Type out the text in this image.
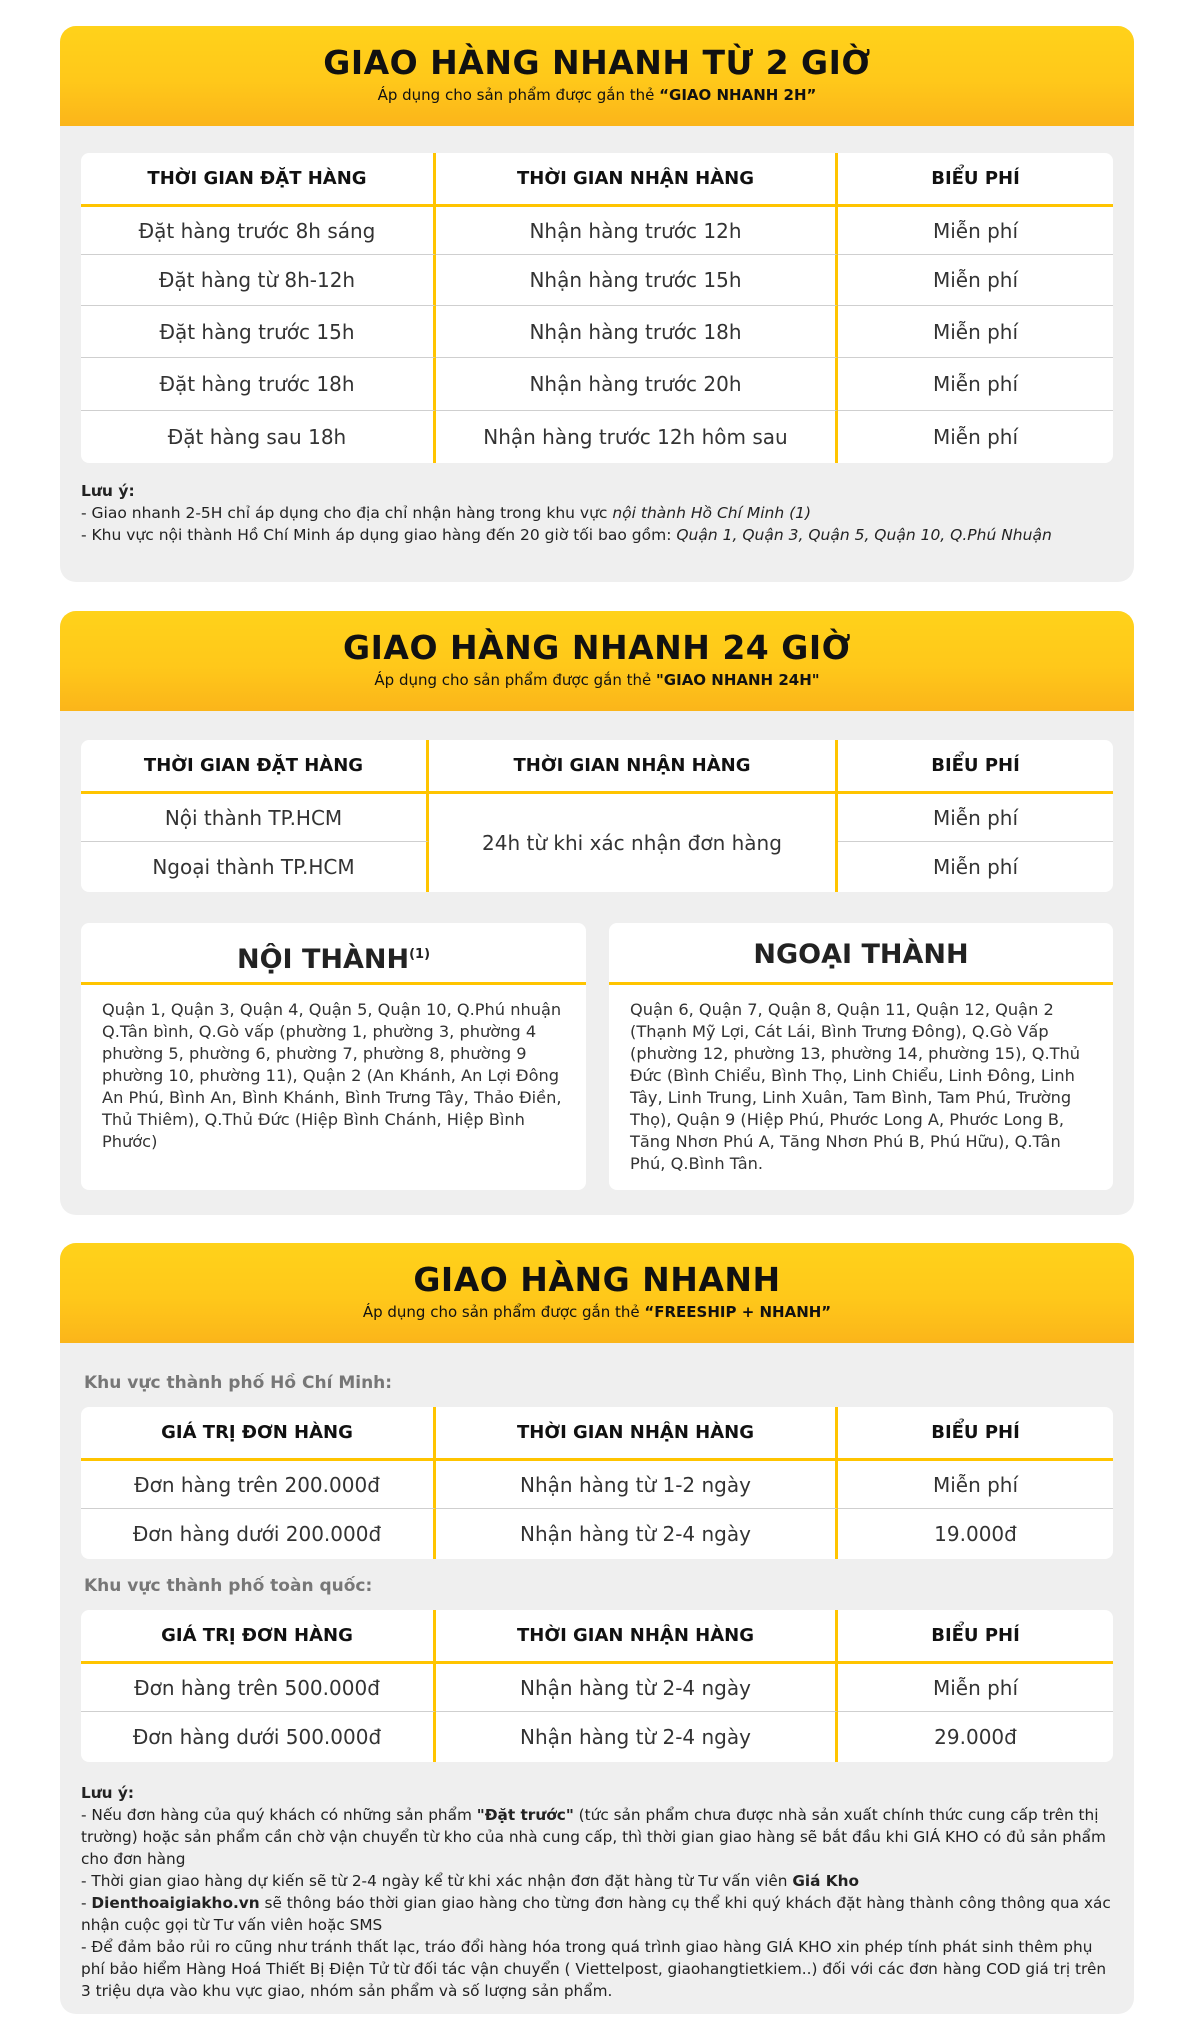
GIAO HÀNG NHANH TỪ 2 GIỜ
Áp dụng cho sản phẩm được gắn thẻ “GIAO NHANH 2H”
THỜI GIAN ĐẶT HÀNG	THỜI GIAN NHẬN HÀNG	BIỂU PHÍ
Đặt hàng trước 8h sáng	Nhận hàng trước 12h	Miễn phí
Đặt hàng từ 8h-12h	Nhận hàng trước 15h	Miễn phí
Đặt hàng trước 15h	Nhận hàng trước 18h	Miễn phí
Đặt hàng trước 18h	Nhận hàng trước 20h	Miễn phí
Đặt hàng sau 18h	Nhận hàng trước 12h hôm sau	Miễn phí
Lưu ý:
- Giao nhanh 2-5H chỉ áp dụng cho địa chỉ nhận hàng trong khu vực nội thành Hồ Chí Minh (1)
- Khu vực nội thành Hồ Chí Minh áp dụng giao hàng đến 20 giờ tối bao gồm: Quận 1, Quận 3, Quận 5, Quận 10, Q.Phú Nhuận
GIAO HÀNG NHANH 24 GIỜ
Áp dụng cho sản phẩm được gắn thẻ "GIAO NHANH 24H"
THỜI GIAN ĐẶT HÀNG	THỜI GIAN NHẬN HÀNG	BIỂU PHÍ
Nội thành TP.HCM	24h từ khi xác nhận đơn hàng	Miễn phí
Ngoại thành TP.HCM		Miễn phí
NỘI THÀNH$^{(1)}$
Quận 1, Quận 3, Quận 4, Quận 5, Quận 10, Q.Phú nhuận Q.Tân bình, Q.Gò vấp (phường 1, phường 3, phường 4 phường 5, phường 6, phường 7, phường 8, phường 9 phường 10, phường 11), Quận 2 (An Khánh, An Lợi Đông An Phú, Bình An, Bình Khánh, Bình Trưng Tây, Thảo Điền, Thủ Thiêm), Q.Thủ Đức (Hiệp Bình Chánh, Hiệp Bình Phước)
NGOẠI THÀNH
Quận 6, Quận 7, Quận 8, Quận 11, Quận 12, Quận 2 (Thạnh Mỹ Lợi, Cát Lái, Bình Trưng Đông), Q.Gò Vấp (phường 12, phường 13, phường 14, phường 15), Q.Thủ Đức (Bình Chiểu, Bình Thọ, Linh Chiểu, Linh Đông, Linh Tây, Linh Trung, Linh Xuân, Tam Bình, Tam Phú, Trường Thọ), Quận 9 (Hiệp Phú, Phước Long A, Phước Long B, Tăng Nhơn Phú A, Tăng Nhơn Phú B, Phú Hữu), Q.Tân Phú, Q.Bình Tân.
GIAO HÀNG NHANH
Áp dụng cho sản phẩm được gắn thẻ “FREESHIP + NHANH”
Khu vực thành phố Hồ Chí Minh:
GIÁ TRỊ ĐƠN HÀNG	THỜI GIAN NHẬN HÀNG	BIỂU PHÍ
Đơn hàng trên 200.000đ	Nhận hàng từ 1-2 ngày	Miễn phí
Đơn hàng dưới 200.000đ	Nhận hàng từ 2-4 ngày	19.000đ
Khu vực thành phố toàn quốc:
GIÁ TRỊ ĐƠN HÀNG	THỜI GIAN NHẬN HÀNG	BIỂU PHÍ
Đơn hàng trên 500.000đ	Nhận hàng từ 2-4 ngày	Miễn phí
Đơn hàng dưới 500.000đ	Nhận hàng từ 2-4 ngày	29.000đ
Lưu ý:
- Nếu đơn hàng của quý khách có những sản phẩm "Đặt trước" (tức sản phẩm chưa được nhà sản xuất chính thức cung cấp trên thị trường) hoặc sản phẩm cần chờ vận chuyển từ kho của nhà cung cấp, thì thời gian giao hàng sẽ bắt đầu khi GIÁ KHO có đủ sản phẩm cho đơn hàng
- Thời gian giao hàng dự kiến sẽ từ 2-4 ngày kể từ khi xác nhận đơn đặt hàng từ Tư vấn viên Giá Kho
- Dienthoaigiakho.vn sẽ thông báo thời gian giao hàng cho từng đơn hàng cụ thể khi quý khách đặt hàng thành công thông qua xác nhận cuộc gọi từ Tư vấn viên hoặc SMS
- Để đảm bảo rủi ro cũng như tránh thất lạc, tráo đổi hàng hóa trong quá trình giao hàng GIÁ KHO xin phép tính phát sinh thêm phụ phí bảo hiểm Hàng Hoá Thiết Bị Điện Tử từ đối tác vận chuyển ( Viettelpost, giaohangtietkiem..) đối với các đơn hàng COD giá trị trên 3 triệu dựa vào khu vực giao, nhóm sản phẩm và số lượng sản phẩm.
